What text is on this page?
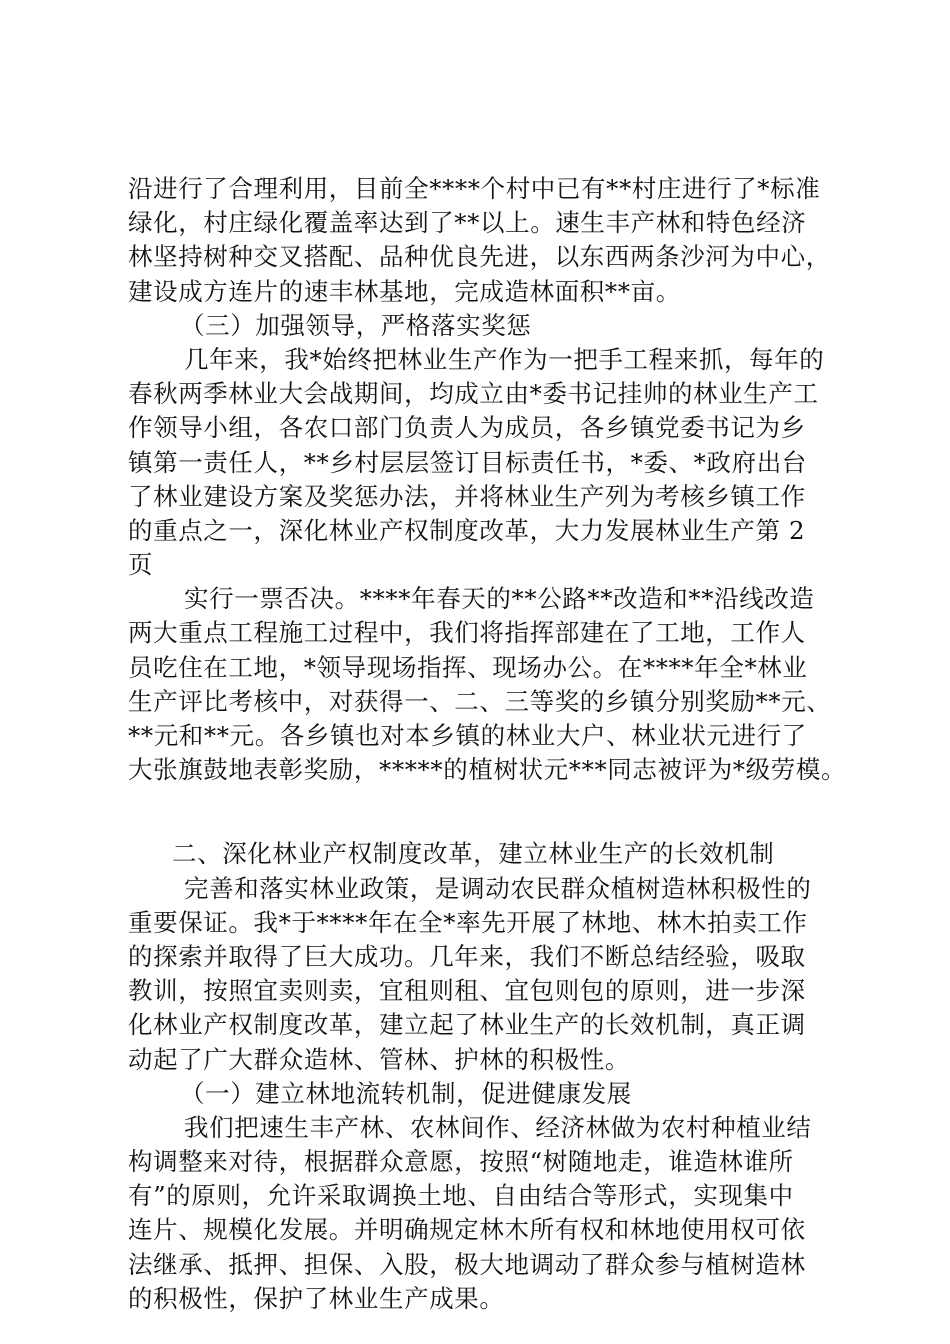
沿进行了合理利用，目前全****个村中已有**村庄进行了*标准
绿化，村庄绿化覆盖率达到了**以上。速生丰产林和特色经济
林坚持树种交叉搭配、品种优良先进，以东西两条沙河为中心，
建设成方连片的速丰林基地，完成造林面积**亩。
（三）加强领导，严格落实奖惩
几年来，我*始终把林业生产作为一把手工程来抓，每年的
春秋两季林业大会战期间，均成立由*委书记挂帅的林业生产工
作领导小组，各农口部门负责人为成员，各乡镇党委书记为乡
镇第一责任人，**乡村层层签订目标责任书，*委、*政府出台
了林业建设方案及奖惩办法，并将林业生产列为考核乡镇工作
的重点之一，深化林业产权制度改革，大力发展林业生产第 2
页
实行一票否决。****年春天的**公路**改造和**沿线改造
两大重点工程施工过程中，我们将指挥部建在了工地，工作人
员吃住在工地，*领导现场指挥、现场办公。在****年全*林业
生产评比考核中，对获得一、二、三等奖的乡镇分别奖励**元、
**元和**元。各乡镇也对本乡镇的林业大户、林业状元进行了
大张旗鼓地表彰奖励，*****的植树状元***同志被评为*级劳模。
二、深化林业产权制度改革，建立林业生产的长效机制
完善和落实林业政策，是调动农民群众植树造林积极性的
重要保证。我*于****年在全*率先开展了林地、林木拍卖工作
的探索并取得了巨大成功。几年来，我们不断总结经验，吸取
教训，按照宜卖则卖，宜租则租、宜包则包的原则，进一步深
化林业产权制度改革，建立起了林业生产的长效机制，真正调
动起了广大群众造林、管林、护林的积极性。
（一）建立林地流转机制，促进健康发展
我们把速生丰产林、农林间作、经济林做为农村种植业结
构调整来对待，根据群众意愿，按照“树随地走，谁造林谁所
有”的原则，允许采取调换土地、自由结合等形式，实现集中
连片、规模化发展。并明确规定林木所有权和林地使用权可依
法继承、抵押、担保、入股，极大地调动了群众参与植树造林
的积极性，保护了林业生产成果。
